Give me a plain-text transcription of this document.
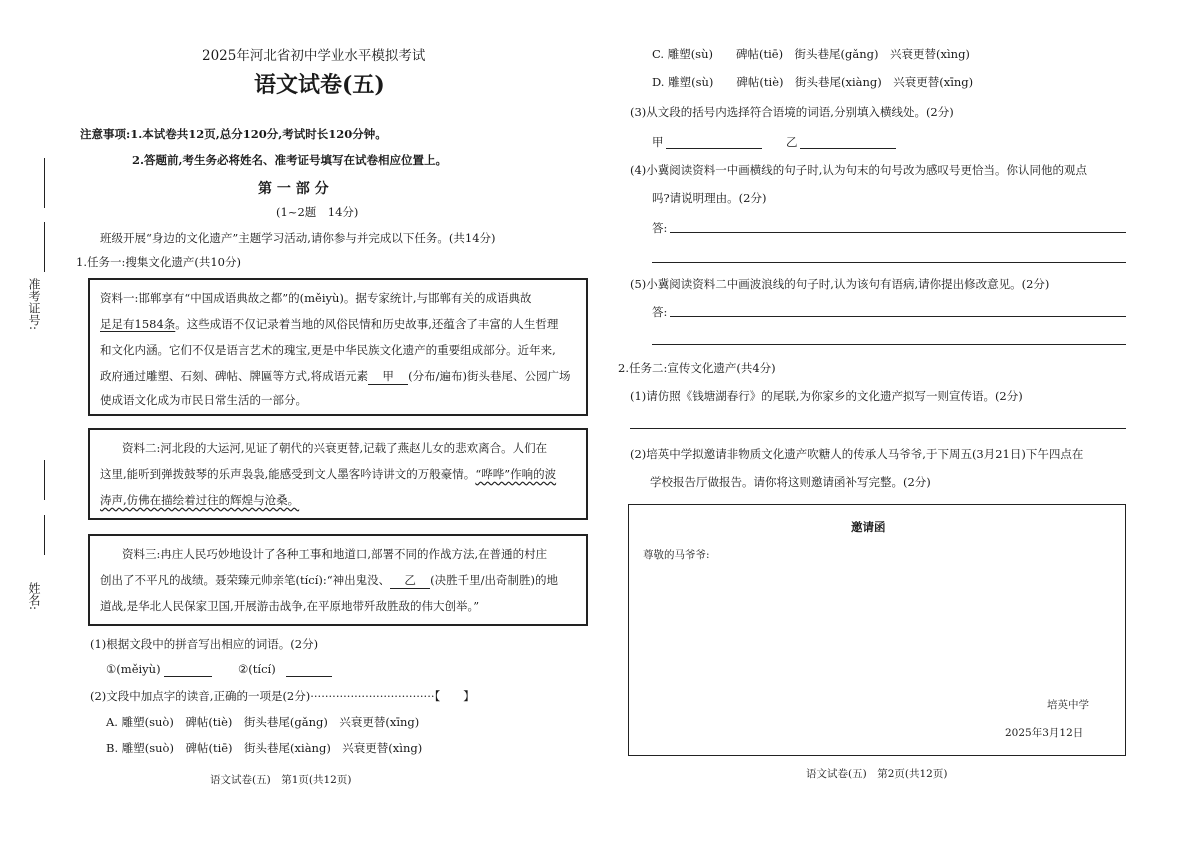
准考证号:
姓名:
2025年河北省初中学业水平模拟考试
语文试卷(五)
注意事项:1.本试卷共12页,总分120分,考试时长120分钟。
2.答题前,考生务必将姓名、准考证号填写在试卷相应位置上。
第 一 部 分
(1~2题　14分)
班级开展“身边的文化遗产”主题学习活动,请你参与并完成以下任务。(共14分)
1.任务一:搜集文化遗产(共10分)
资料一:邯郸享有“中国成语典故之都”的(měiyù)。据专家统计,与邯郸有关的成语典故
足足有1584条。这些成语不仅记录着当地的风俗民情和历史故事,还蕴含了丰富的人生哲理
和文化内涵。它们不仅是语言艺术的瑰宝,更是中华民族文化遗产的重要组成部分。近年来,
政府通过雕塑、石刻、碑帖、牌匾等方式,将成语元素 甲 (分布/遍布)街头巷尾、公园广场
使成语文化成为市民日常生活的一部分。
资料二:河北段的大运河,见证了朝代的兴衰更替,记载了燕赵儿女的悲欢离合。人们在
这里,能听到弹拨鼓琴的乐声袅袅,能感受到文人墨客吟诗讲文的万般豪情。“哗哗”作响的波
涛声,仿佛在描绘着过往的辉煌与沧桑。
资料三:冉庄人民巧妙地设计了各种工事和地道口,部署不同的作战方法,在普通的村庄
创出了不平凡的战绩。聂荣臻元帅亲笔(tící):“神出鬼没、 乙 (决胜千里/出奇制胜)的地
道战,是华北人民保家卫国,开展游击战争,在平原地带歼敌胜敌的伟大创举。”
(1)根据文段中的拼音写出相应的词语。(2分)
①(měiyù)	②(tící)
(2)文段中加点字的读音,正确的一项是(2分)··································【　　】
A. 雕塑(suò)　碑帖(tiè)　街头巷尾(gǎng)　兴衰更替(xīng)
B. 雕塑(suò)　碑帖(tiē)　街头巷尾(xiàng)　兴衰更替(xìng)
语文试卷(五)　第1页(共12页)
C. 雕塑(sù)　　碑帖(tiē)　街头巷尾(gǎng)　兴衰更替(xìng)
D. 雕塑(sù)　　碑帖(tiè)　街头巷尾(xiàng)　兴衰更替(xīng)
(3)从文段的括号内选择符合语境的词语,分别填入横线处。(2分)
甲	乙
(4)小冀阅读资料一中画横线的句子时,认为句末的句号改为感叹号更恰当。你认同他的观点
吗?请说明理由。(2分)
答:
(5)小冀阅读资料二中画波浪线的句子时,认为该句有语病,请你提出修改意见。(2分)
答:
2.任务二:宣传文化遗产(共4分)
(1)请仿照《钱塘湖春行》的尾联,为你家乡的文化遗产拟写一则宣传语。(2分)
(2)培英中学拟邀请非物质文化遗产吹糖人的传承人马爷爷,于下周五(3月21日)下午四点在
学校报告厅做报告。请你将这则邀请函补写完整。(2分)
邀请函
尊敬的马爷爷:
培英中学
2025年3月12日
语文试卷(五)　第2页(共12页)
